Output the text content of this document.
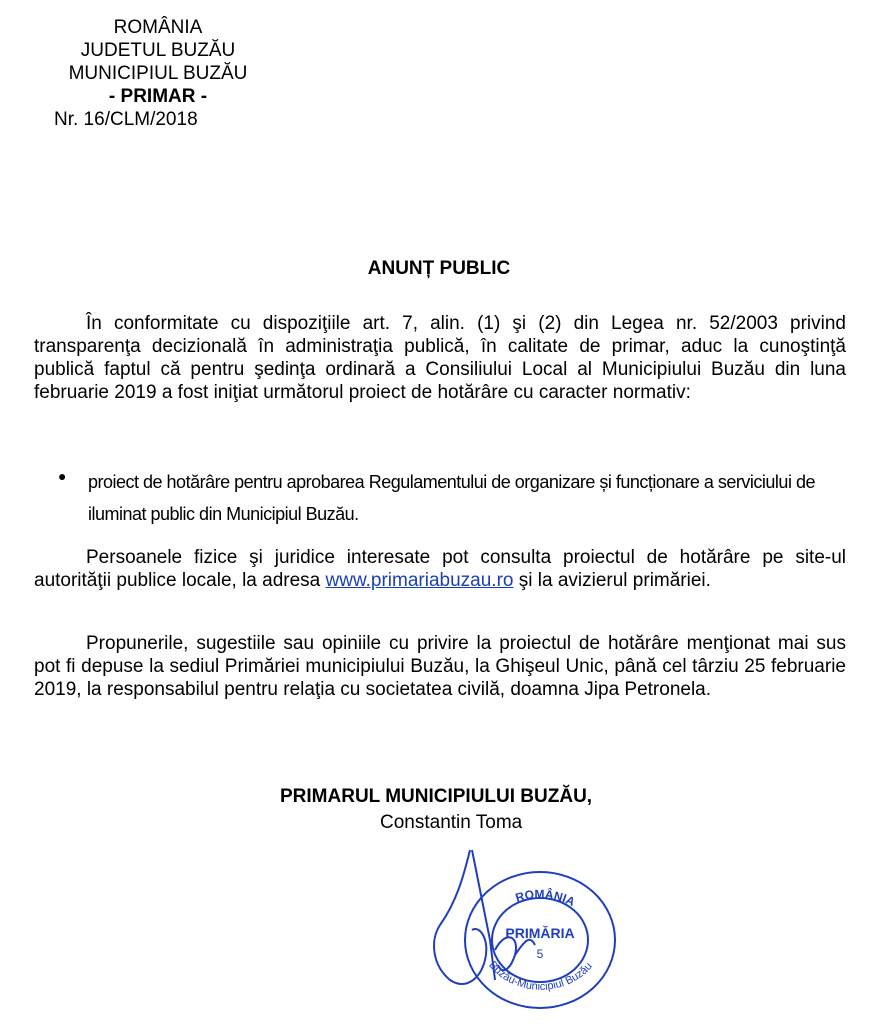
ROMÂNIA
JUDETUL BUZĂU
MUNICIPIUL BUZĂU
- PRIMAR -
Nr. 16/CLM/2018
ANUNȚ PUBLIC
În conformitate cu dispoziţiile art. 7, alin. (1) şi (2) din Legea nr. 52/2003 privind transparenţa decizională în administraţia publică, în calitate de primar, aduc la cunoştinţă publică faptul că pentru şedinţa ordinară a Consiliului Local al Municipiului Buzău din luna februarie 2019 a fost iniţiat următorul proiect de hotărâre cu caracter normativ:
● proiect de hotărâre pentru aprobarea Regulamentului de organizare și funcționare a serviciului de iluminat public din Municipiul Buzău.
Persoanele fizice şi juridice interesate pot consulta proiectul de hotărâre pe site-ul autorităţii publice locale, la adresa www.primariabuzau.ro şi la avizierul primăriei.
Propunerile, sugestiile sau opiniile cu privire la proiectul de hotărâre menţionat mai sus pot fi depuse la sediul Primăriei municipiului Buzău, la Ghişeul Unic, până cel târziu 25 februarie 2019, la responsabilul pentru relaţia cu societatea civilă, doamna Jipa Petronela.
PRIMARUL MUNICIPIULUI BUZĂU,
Constantin Toma
ROMÂNIA
Buzău-Municipiul Buzău
PRIMĂRIA
5
